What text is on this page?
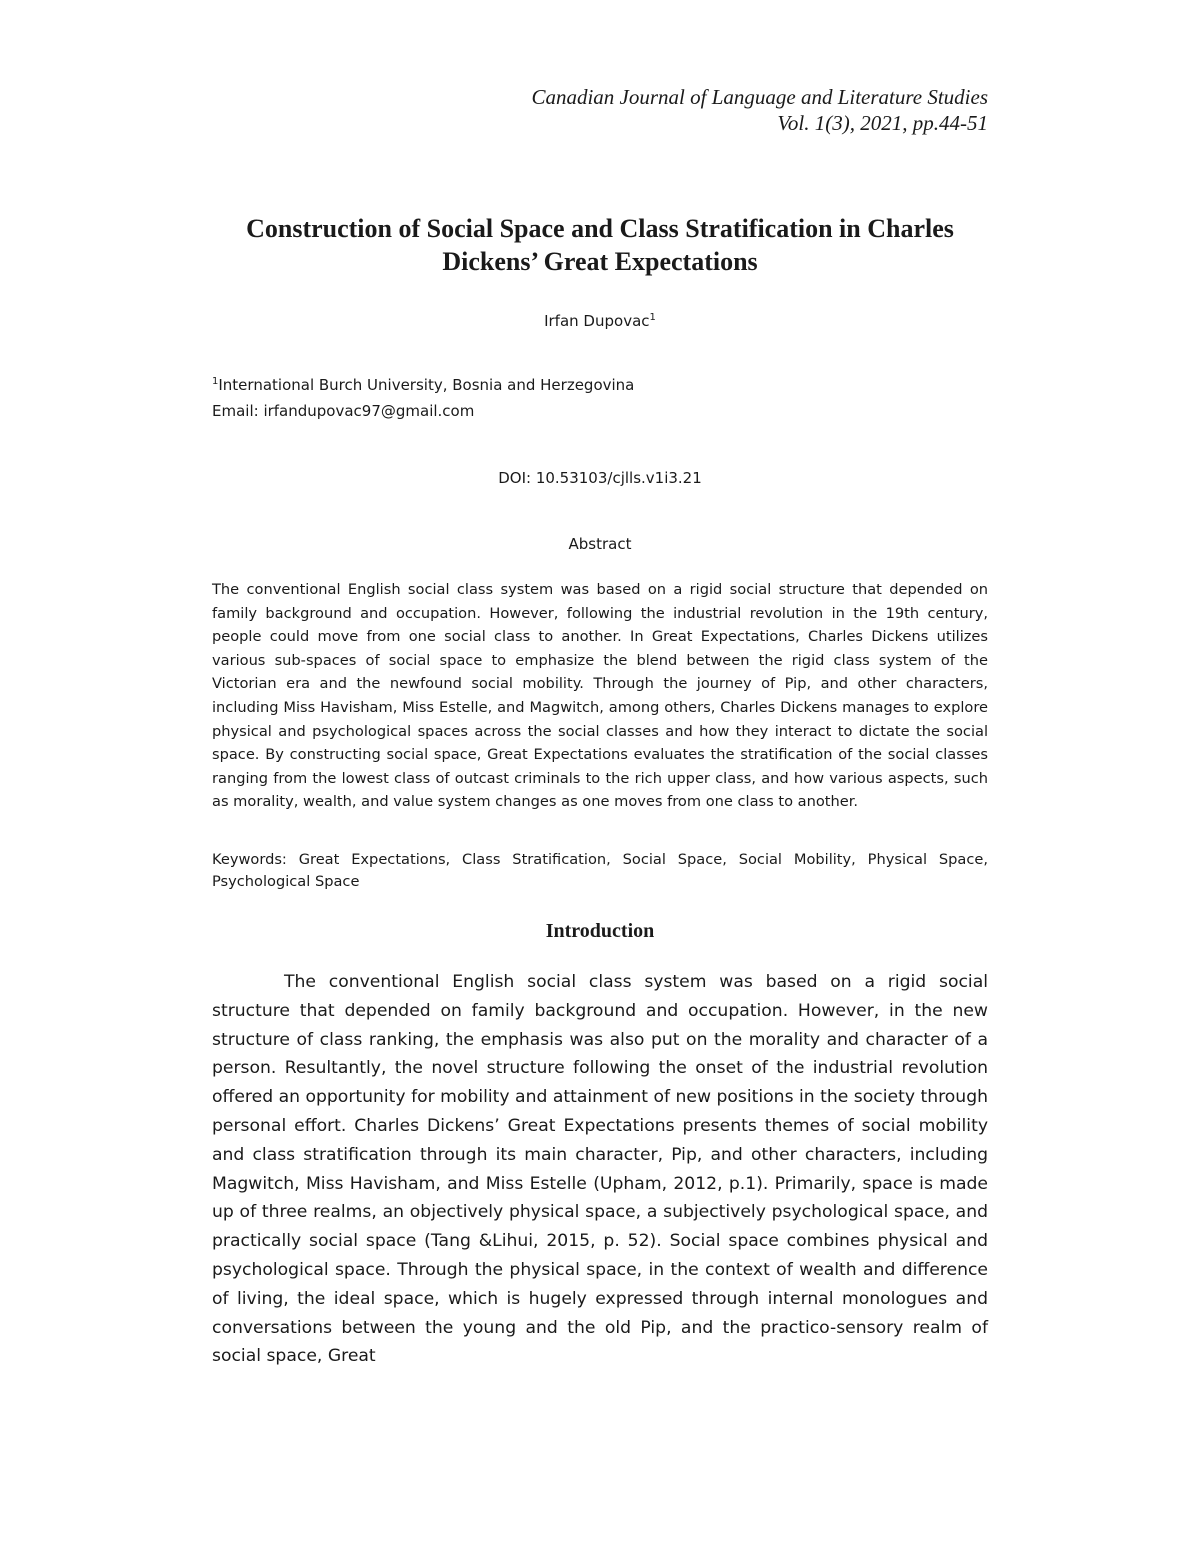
Canadian Journal of Language and Literature Studies
Vol. 1(3), 2021, pp.44-51
Construction of Social Space and Class Stratification in Charles
Dickens’ Great Expectations
Irfan Dupovac$^1$
$^1$International Burch University, Bosnia and Herzegovina
Email: irfandupovac97@gmail.com
DOI: 10.53103/cjlls.v1i3.21
Abstract

The conventional English social class system was based on a rigid social structure that depended on family background and occupation. However, following the industrial revolution in the 19th century, people could move from one social class to another. In Great Expectations, Charles Dickens utilizes various sub-spaces of social space to emphasize the blend between the rigid class system of the Victorian era and the newfound social mobility. Through the journey of Pip, and other characters, including Miss Havisham, Miss Estelle, and Magwitch, among others, Charles Dickens manages to explore physical and psychological spaces across the social classes and how they interact to dictate the social space. By constructing social space, Great Expectations evaluates the stratification of the social classes ranging from the lowest class of outcast criminals to the rich upper class, and how various aspects, such as morality, wealth, and value system changes as one moves from one class to another.

Keywords: Great Expectations, Class Stratification, Social Space, Social Mobility, Physical Space, Psychological Space

Introduction

The conventional English social class system was based on a rigid social structure that depended on family background and occupation. However, in the new structure of class ranking, the emphasis was also put on the morality and character of a person. Resultantly, the novel structure following the onset of the industrial revolution offered an opportunity for mobility and attainment of new positions in the society through personal effort. Charles Dickens’ Great Expectations presents themes of social mobility and class stratification through its main character, Pip, and other characters, including Magwitch, Miss Havisham, and Miss Estelle (Upham, 2012, p.1). Primarily, space is made up of three realms, an objectively physical space, a subjectively psychological space, and practically social space (Tang &Lihui, 2015, p. 52). Social space combines physical and psychological space. Through the physical space, in the context of wealth and difference of living, the ideal space, which is hugely expressed through internal monologues and conversations between the young and the old Pip, and the practico-sensory realm of social space, Great
